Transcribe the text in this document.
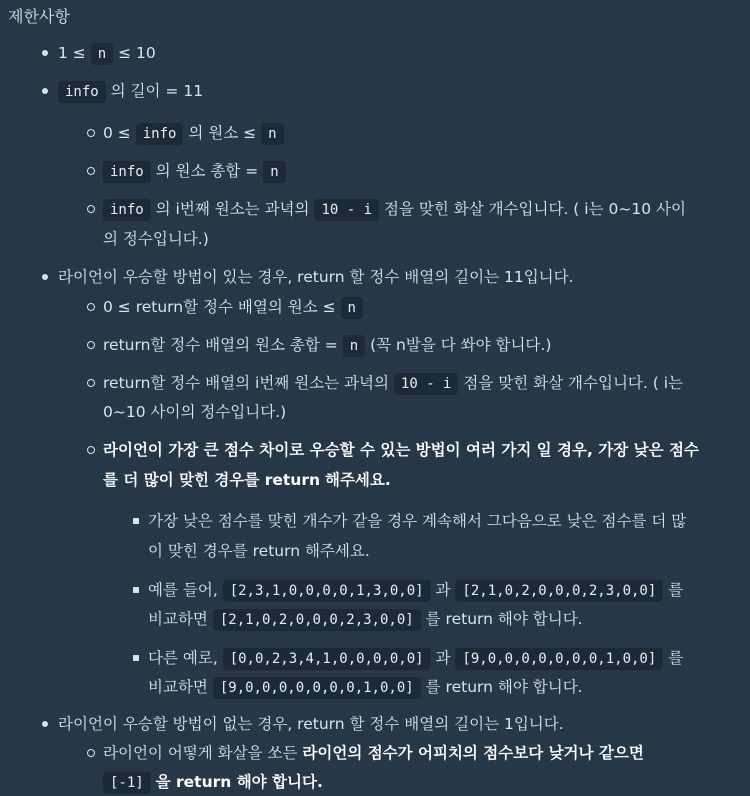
제한사항
1 ≤ n ≤ 10
info 의 길이 = 11
0 ≤ info 의 원소 ≤ n
info 의 원소 총합 = n
info 의 i번째 원소는 과녁의 10 - i 점을 맞힌 화살 개수입니다. ( i는 0~10 사이
의 정수입니다.)
라이언이 우승할 방법이 있는 경우, return 할 정수 배열의 길이는 11입니다.
0 ≤ return할 정수 배열의 원소 ≤ n
return할 정수 배열의 원소 총합 = n (꼭 n발을 다 쏴야 합니다.)
return할 정수 배열의 i번째 원소는 과녁의 10 - i 점을 맞힌 화살 개수입니다. ( i는
0~10 사이의 정수입니다.)
라이언이 가장 큰 점수 차이로 우승할 수 있는 방법이 여러 가지 일 경우, 가장 낮은 점수
를 더 많이 맞힌 경우를 return 해주세요.
가장 낮은 점수를 맞힌 개수가 같을 경우 계속해서 그다음으로 낮은 점수를 더 많
이 맞힌 경우를 return 해주세요.
예를 들어, [2,3,1,0,0,0,0,1,3,0,0] 과 [2,1,0,2,0,0,0,2,3,0,0] 를
비교하면 [2,1,0,2,0,0,0,2,3,0,0] 를 return 해야 합니다.
다른 예로, [0,0,2,3,4,1,0,0,0,0,0] 과 [9,0,0,0,0,0,0,0,1,0,0] 를
비교하면 [9,0,0,0,0,0,0,0,1,0,0] 를 return 해야 합니다.
라이언이 우승할 방법이 없는 경우, return 할 정수 배열의 길이는 1입니다.
라이언이 어떻게 화살을 쏘든 라이언의 점수가 어피치의 점수보다 낮거나 같으면
[-1] 을 return 해야 합니다.
